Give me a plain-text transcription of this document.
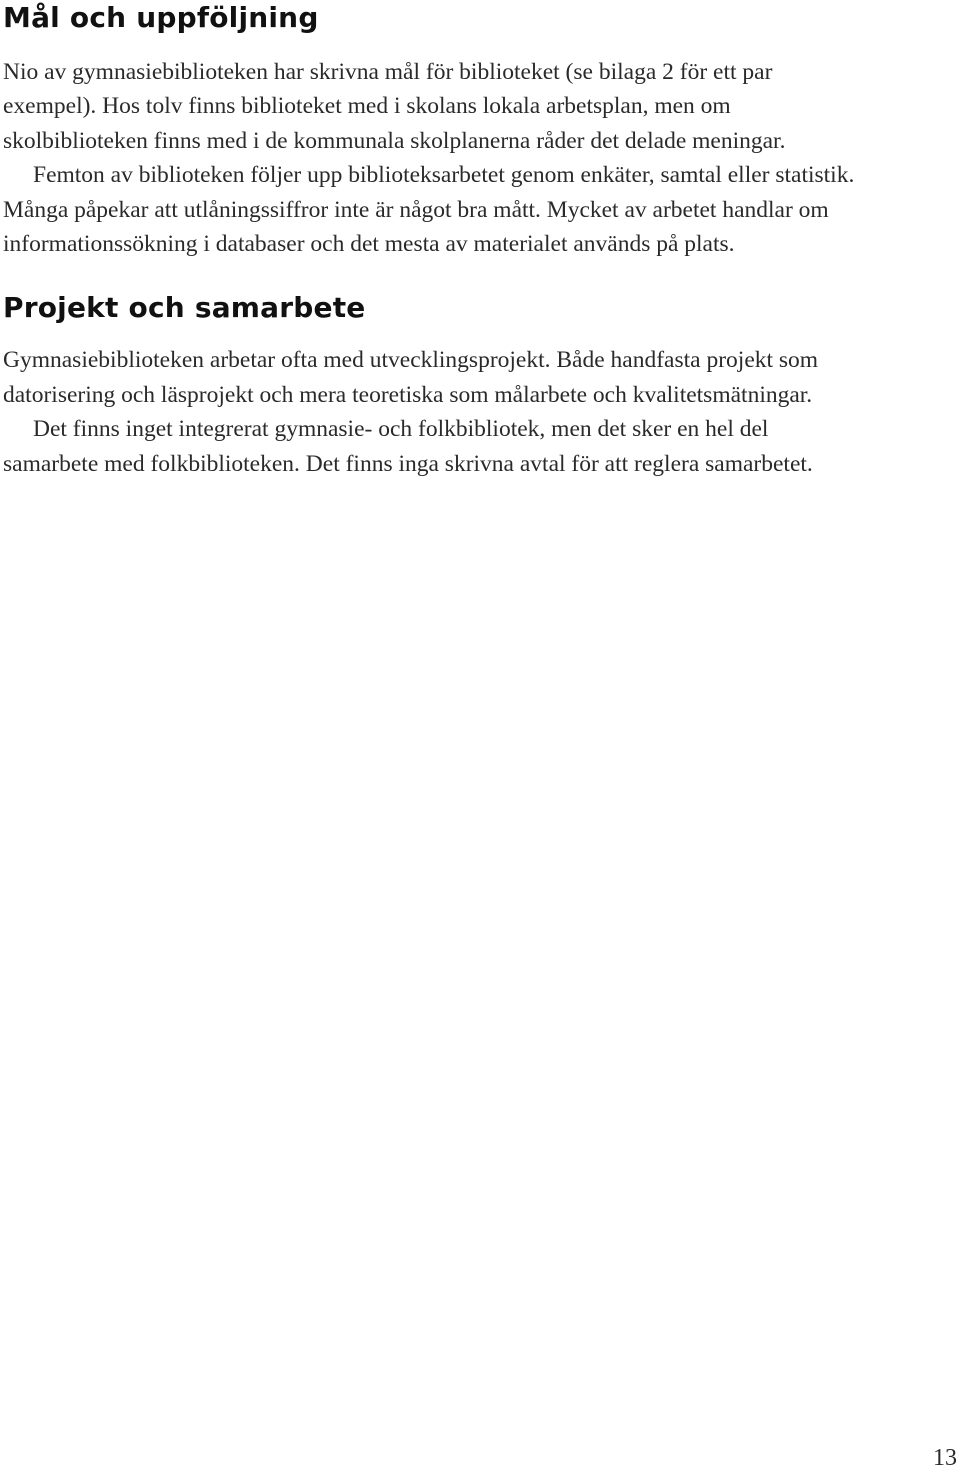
Mål och uppföljning

Nio av gymnasiebiblioteken har skrivna mål för biblioteket (se bilaga 2 för ett par exempel). Hos tolv finns biblioteket med i skolans lokala arbetsplan, men om skolbiblioteken finns med i de kommunala skolplanerna råder det delade meningar.

Femton av biblioteken följer upp biblioteksarbetet genom enkäter, samtal eller statistik. Många påpekar att utlåningssiffror inte är något bra mått. Mycket av arbetet handlar om informationssökning i databaser och det mesta av materialet används på plats.

Projekt och samarbete

Gymnasiebiblioteken arbetar ofta med utvecklingsprojekt. Både handfasta projekt som datorisering och läsprojekt och mera teoretiska som målarbete och kvalitetsmätningar.

Det finns inget integrerat gymnasie- och folkbibliotek, men det sker en hel del samarbete med folkbiblioteken. Det finns inga skrivna avtal för att reglera samarbetet.

13
